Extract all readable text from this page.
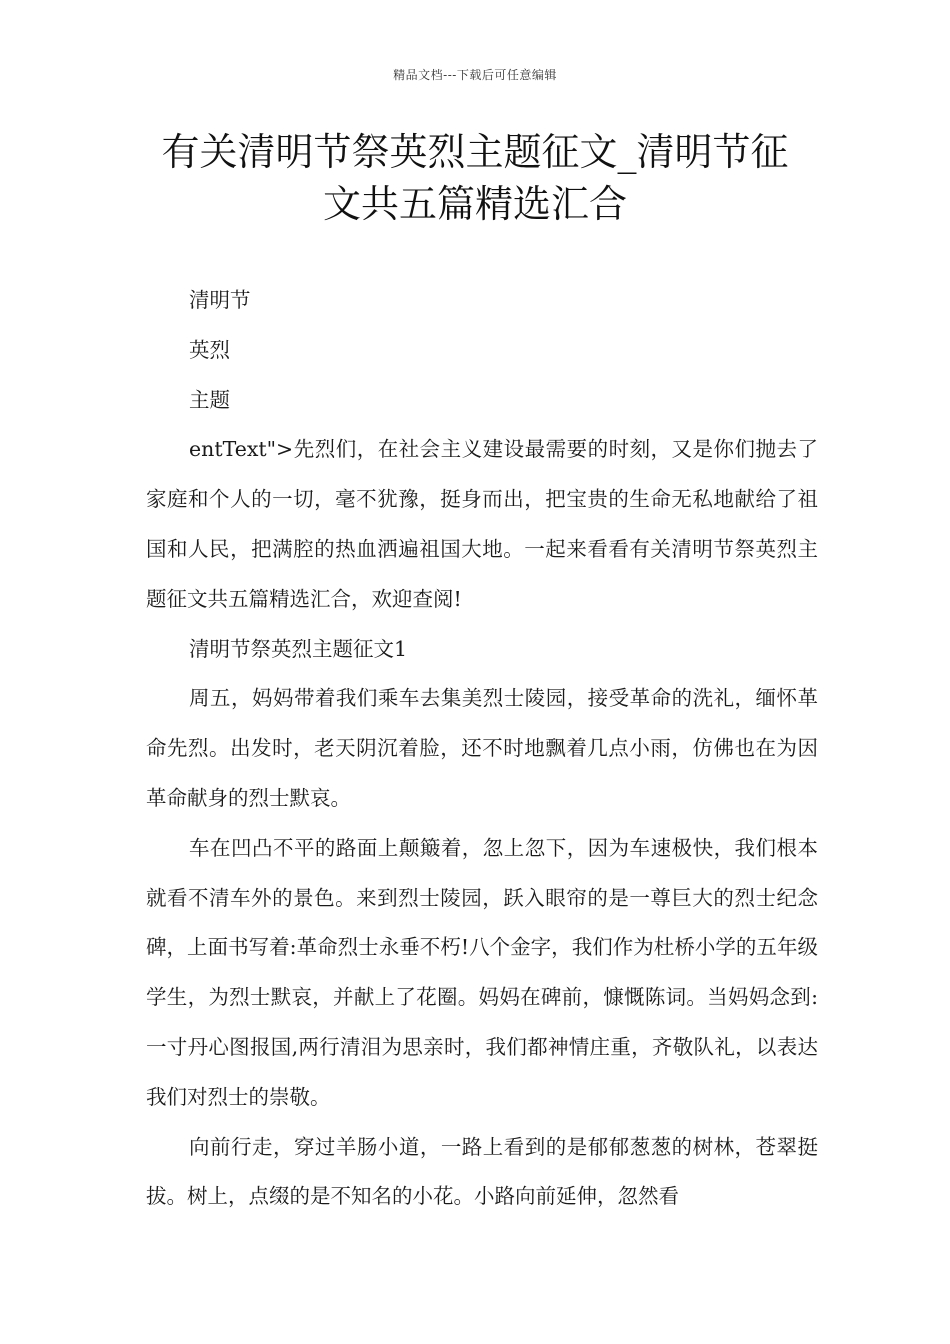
精品文档---下载后可任意编辑
有关清明节祭英烈主题征文_清明节征文共五篇精选汇合

清明节

英烈

主题

entText">先烈们，在社会主义建设最需要的时刻，又是你们抛去了家庭和个人的一切，毫不犹豫，挺身而出，把宝贵的生命无私地献给了祖国和人民，把满腔的热血洒遍祖国大地。一起来看看有关清明节祭英烈主题征文共五篇精选汇合，欢迎查阅!

清明节祭英烈主题征文1

周五，妈妈带着我们乘车去集美烈士陵园，接受革命的洗礼，缅怀革命先烈。出发时，老天阴沉着脸，还不时地飘着几点小雨，仿佛也在为因革命献身的烈士默哀。

车在凹凸不平的路面上颠簸着，忽上忽下，因为车速极快，我们根本就看不清车外的景色。来到烈士陵园，跃入眼帘的是一尊巨大的烈士纪念碑，上面书写着:革命烈士永垂不朽!八个金字，我们作为杜桥小学的五年级学生，为烈士默哀，并献上了花圈。妈妈在碑前，慷慨陈词。当妈妈念到:一寸丹心图报国,两行清泪为思亲时，我们都神情庄重，齐敬队礼，以表达我们对烈士的崇敬。

向前行走，穿过羊肠小道，一路上看到的是郁郁葱葱的树林，苍翠挺拔。树上，点缀的是不知名的小花。小路向前延伸，忽然看
